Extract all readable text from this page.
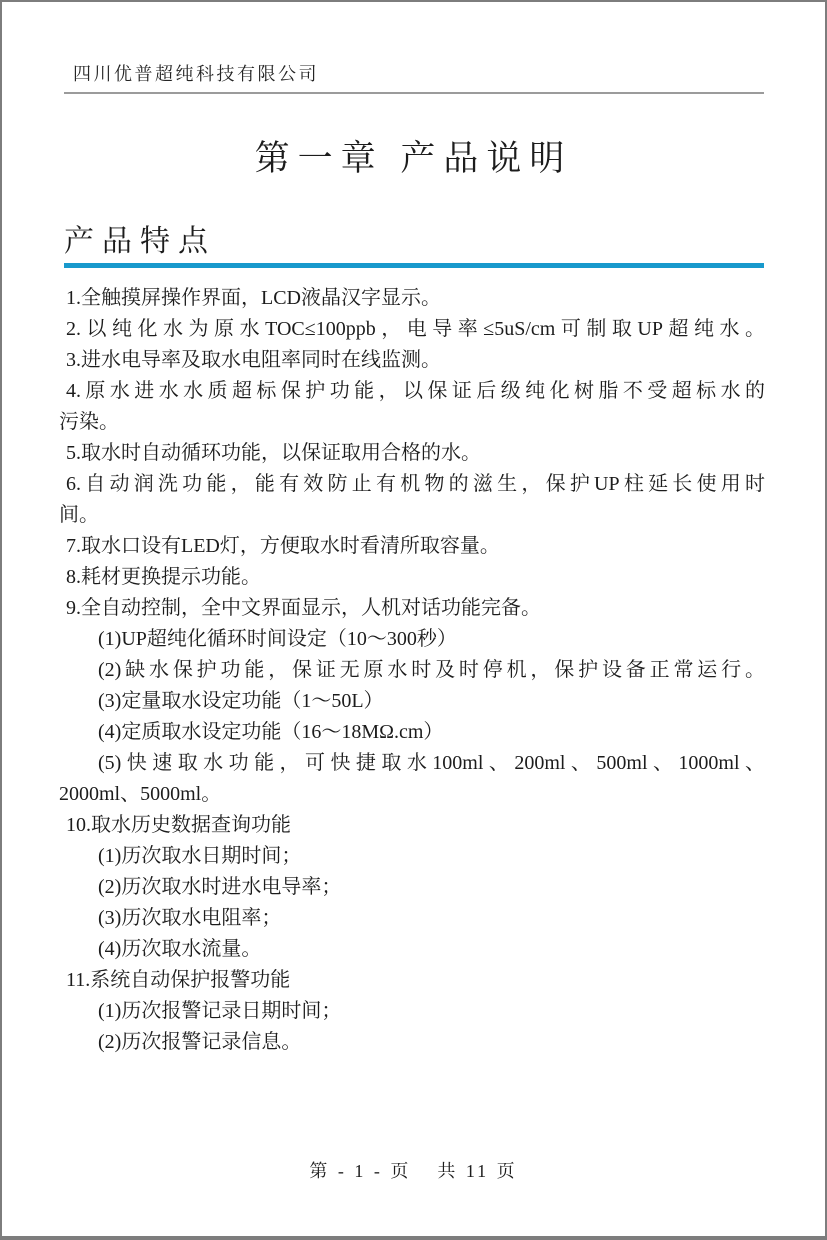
四川优普超纯科技有限公司
第一章 产品说明
产品特点

1.全触摸屏操作界面，LCD液晶汉字显示。

2.以纯化水为原水TOC≤100ppb，电导率≤5uS/cm可制取UP超纯水。

3.进水电导率及取水电阻率同时在线监测。

4.原水进水水质超标保护功能，以保证后级纯化树脂不受超标水的

污染。

5.取水时自动循环功能，以保证取用合格的水。

6.自动润洗功能，能有效防止有机物的滋生，保护UP柱延长使用时

间。

7.取水口设有LED灯，方便取水时看清所取容量。

8.耗材更换提示功能。

9.全自动控制，全中文界面显示，人机对话功能完备。

(1)UP超纯化循环时间设定（10～300秒）

(2)缺水保护功能，保证无原水时及时停机，保护设备正常运行。

(3)定量取水设定功能（1～50L）

(4)定质取水设定功能（16～18MΩ.cm）

(5)快速取水功能，可快捷取水100ml、200ml、500ml、1000ml、

2000ml、5000ml。

10.取水历史数据查询功能

(1)历次取水日期时间；

(2)历次取水时进水电导率；

(3)历次取水电阻率；

(4)历次取水流量。

11.系统自动保护报警功能

(1)历次报警记录日期时间；

(2)历次报警记录信息。

第 - 1 - 页 共 11 页
